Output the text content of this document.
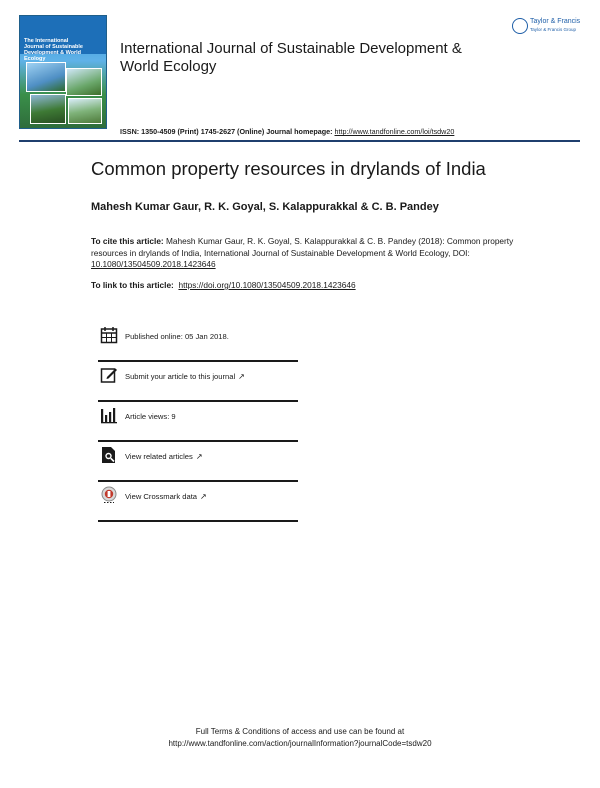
The International Journal of Sustainable Development & World Ecology
International Journal of Sustainable Development &
World Ecology
Taylor & Francis
Taylor & Francis Group
ISSN: 1350-4509 (Print) 1745-2627 (Online) Journal homepage: http://www.tandfonline.com/loi/tsdw20
Common property resources in drylands of India
Mahesh Kumar Gaur, R. K. Goyal, S. Kalappurakkal & C. B. Pandey
To cite this article: Mahesh Kumar Gaur, R. K. Goyal, S. Kalappurakkal & C. B. Pandey (2018): Common property resources in drylands of India, International Journal of Sustainable Development & World Ecology, DOI: 10.1080/13504509.2018.1423646
To link to this article: https://doi.org/10.1080/13504509.2018.1423646
Published online: 05 Jan 2018.
Submit your article to this journal ↗
Article views: 9
View related articles ↗
View Crossmark data ↗
Full Terms & Conditions of access and use can be found at
http://www.tandfonline.com/action/journalInformation?journalCode=tsdw20
